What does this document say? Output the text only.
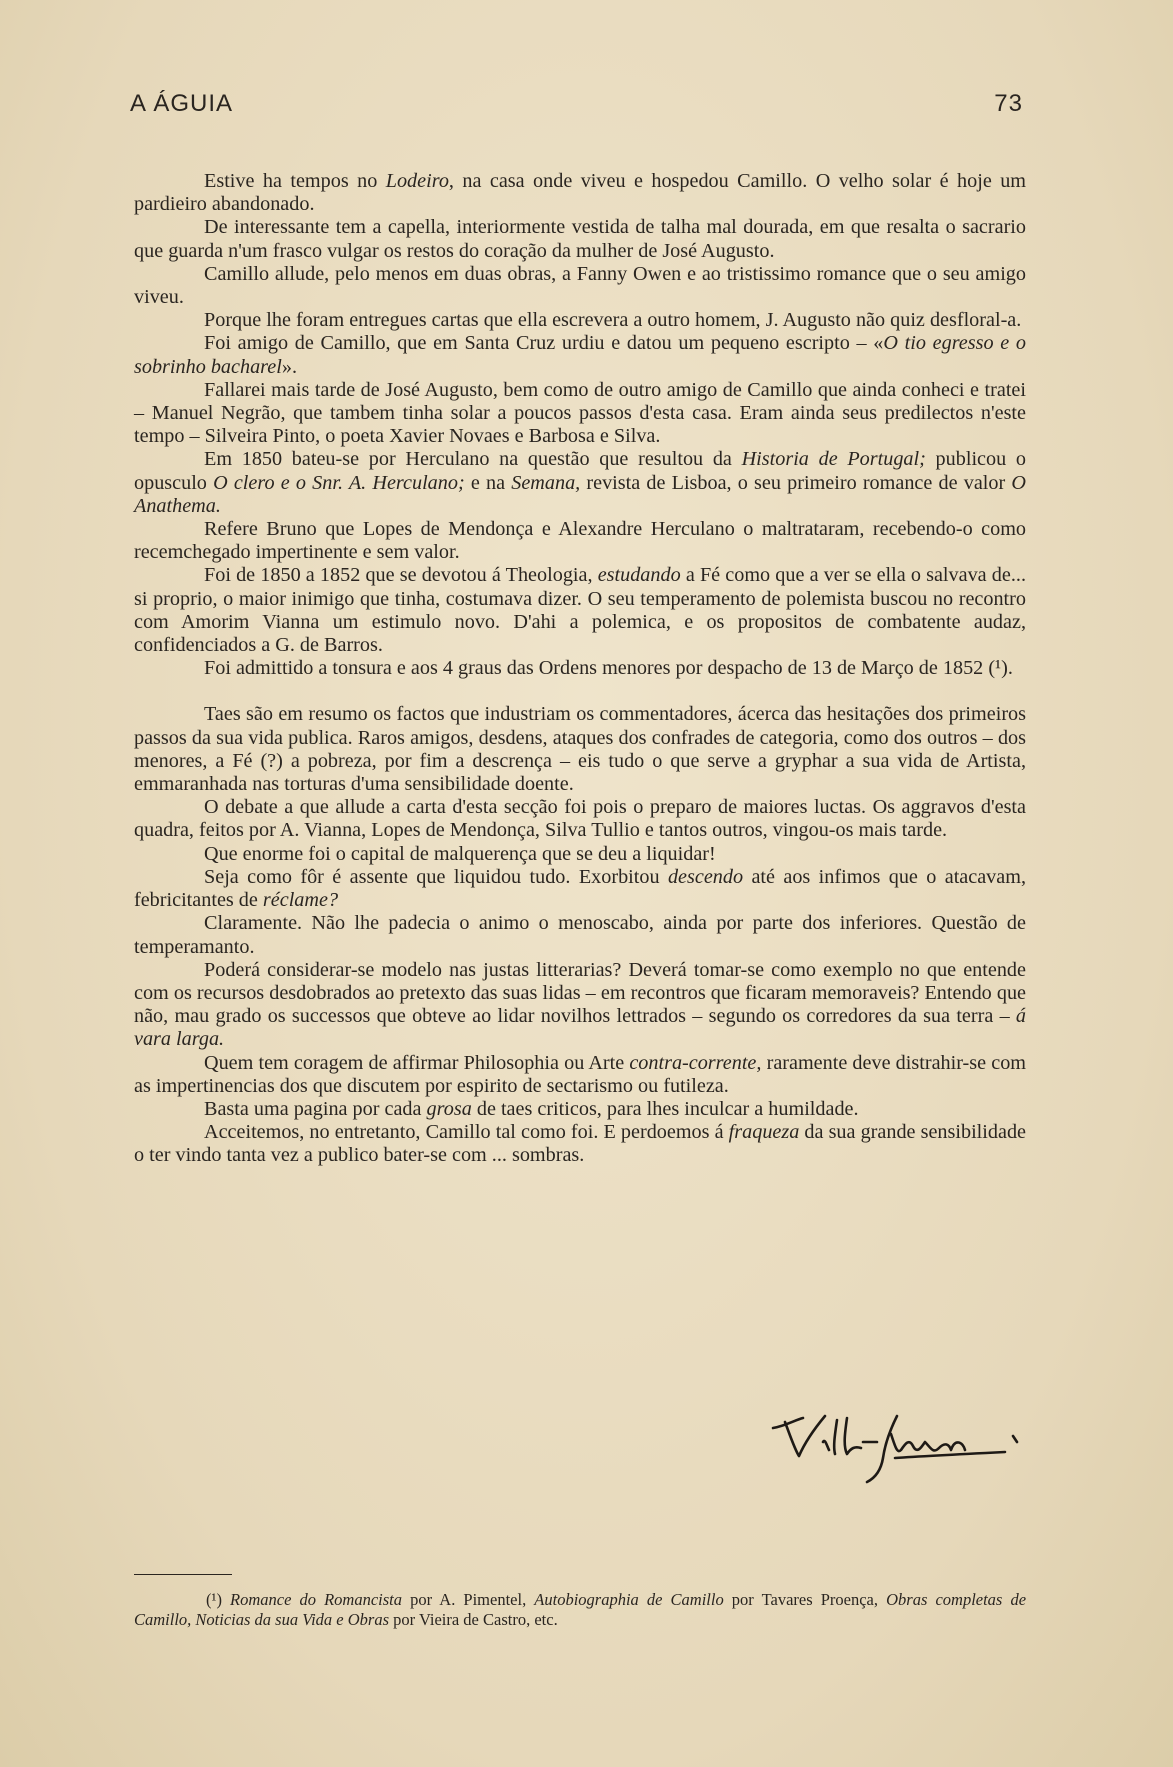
A ÁGUIA	73

Estive ha tempos no Lodeiro, na casa onde viveu e hospedou Camillo. O velho solar é hoje um pardieiro abandonado.

De interessante tem a capella, interiormente vestida de talha mal dourada, em que resalta o sacrario que guarda n'um frasco vulgar os restos do coração da mulher de José Augusto.

Camillo allude, pelo menos em duas obras, a Fanny Owen e ao tristissimo romance que o seu amigo viveu.

Porque lhe foram entregues cartas que ella escrevera a outro homem, J. Augusto não quiz desfloral-a.

Foi amigo de Camillo, que em Santa Cruz urdiu e datou um pequeno escripto – «O tio egresso e o sobrinho bacharel».

Fallarei mais tarde de José Augusto, bem como de outro amigo de Camillo que ainda conheci e tratei – Manuel Negrão, que tambem tinha solar a poucos passos d'esta casa. Eram ainda seus predilectos n'este tempo – Silveira Pinto, o poeta Xavier Novaes e Barbosa e Silva.

Em 1850 bateu-se por Herculano na questão que resultou da Historia de Portugal; publicou o opusculo O clero e o Snr. A. Herculano; e na Semana, revista de Lisboa, o seu primeiro romance de valor O Anathema.

Refere Bruno que Lopes de Mendonça e Alexandre Herculano o maltrataram, recebendo-o como recemchegado impertinente e sem valor.

Foi de 1850 a 1852 que se devotou á Theologia, estudando a Fé como que a ver se ella o salvava de... si proprio, o maior inimigo que tinha, costumava dizer. O seu temperamento de polemista buscou no recontro com Amorim Vianna um estimulo novo. D'ahi a polemica, e os propositos de combatente audaz, confidenciados a G. de Barros.

Foi admittido a tonsura e aos 4 graus das Ordens menores por despacho de 13 de Março de 1852 (¹).

Taes são em resumo os factos que industriam os commentadores, ácerca das hesitações dos primeiros passos da sua vida publica. Raros amigos, desdens, ataques dos confrades de categoria, como dos outros – dos menores, a Fé (?) a pobreza, por fim a descrença – eis tudo o que serve a gryphar a sua vida de Artista, emmaranhada nas torturas d'uma sensibilidade doente.

O debate a que allude a carta d'esta secção foi pois o preparo de maiores luctas. Os aggravos d'esta quadra, feitos por A. Vianna, Lopes de Mendonça, Silva Tullio e tantos outros, vingou-os mais tarde.

Que enorme foi o capital de malquerença que se deu a liquidar!

Seja como fôr é assente que liquidou tudo. Exorbitou descendo até aos infimos que o atacavam, febricitantes de réclame?

Claramente. Não lhe padecia o animo o menoscabo, ainda por parte dos inferiores. Questão de temperamanto.

Poderá considerar-se modelo nas justas litterarias? Deverá tomar-se como exemplo no que entende com os recursos desdobrados ao pretexto das suas lidas – em recontros que ficaram memoraveis? Entendo que não, mau grado os successos que obteve ao lidar novilhos lettrados – segundo os corredores da sua terra – á vara larga.

Quem tem coragem de affirmar Philosophia ou Arte contra-corrente, raramente deve distrahir-se com as impertinencias dos que discutem por espirito de sectarismo ou futileza.

Basta uma pagina por cada grosa de taes criticos, para lhes inculcar a humildade.

Acceitemos, no entretanto, Camillo tal como foi. E perdoemos á fraqueza da sua grande sensibilidade o ter vindo tanta vez a publico bater-se com ... sombras.

(¹) Romance do Romancista por A. Pimentel, Autobiographia de Camillo por Tavares Proença, Obras completas de Camillo, Noticias da sua Vida e Obras por Vieira de Castro, etc.
